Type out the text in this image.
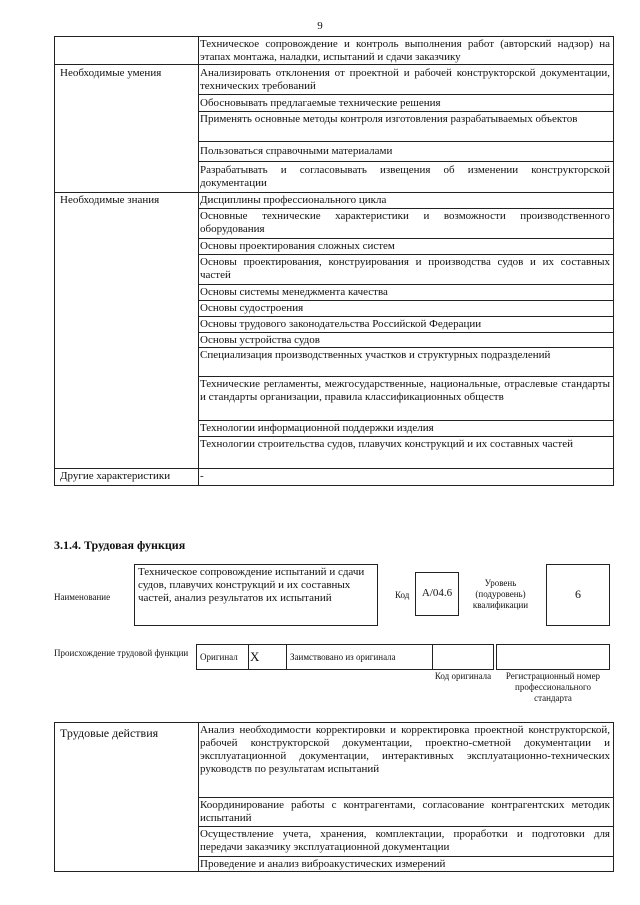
9
Техническое сопровождение и контроль выполнения работ (авторский надзор) на этапах монтажа, наладки, испытаний и сдачи заказчику
Необходимые умения	Анализировать отклонения от проектной и рабочей конструкторской документации, технических требований
Обосновывать предлагаемые технические решения
Применять основные методы контроля изготовления разрабатываемых объектов
Пользоваться справочными материалами
Разрабатывать и согласовывать извещения об изменении конструкторской документации
Необходимые знания	Дисциплины профессионального цикла
Основные технические характеристики и возможности производственного оборудования
Основы проектирования сложных систем
Основы проектирования, конструирования и производства судов и их составных частей
Основы системы менеджмента качества
Основы судостроения
Основы трудового законодательства Российской Федерации
Основы устройства судов
Специализация производственных участков и структурных подразделений
Технические регламенты, межгосударственные, национальные, отраслевые стандарты и стандарты организации, правила классификационных обществ
Технологии информационной поддержки изделия
Технологии строительства судов, плавучих конструкций и их составных частей
Другие характеристики	-
3.1.4. Трудовая функция
Наименование
Техническое сопровождение испытаний и сдачи судов, плавучих конструкций и их составных частей, анализ результатов их испытаний	Код	А/04.6
Уровень (подуровень) квалификации
6
Происхождение трудовой функции	Оригинал X	Заимствовано из оригинала
Код оригинала	Регистрационный номер профессионального стандарта
Трудовые действия	Анализ необходимости корректировки и корректировка проектной конструкторской, рабочей конструкторской документации, проектно-сметной документации и эксплуатационной документации, интерактивных эксплуатационно-технических руководств по результатам испытаний
Координирование работы с контрагентами, согласование контрагентских методик испытаний
Осуществление учета, хранения, комплектации, проработки и подготовки для передачи заказчику эксплуатационной документации
Проведение и анализ виброакустических измерений
